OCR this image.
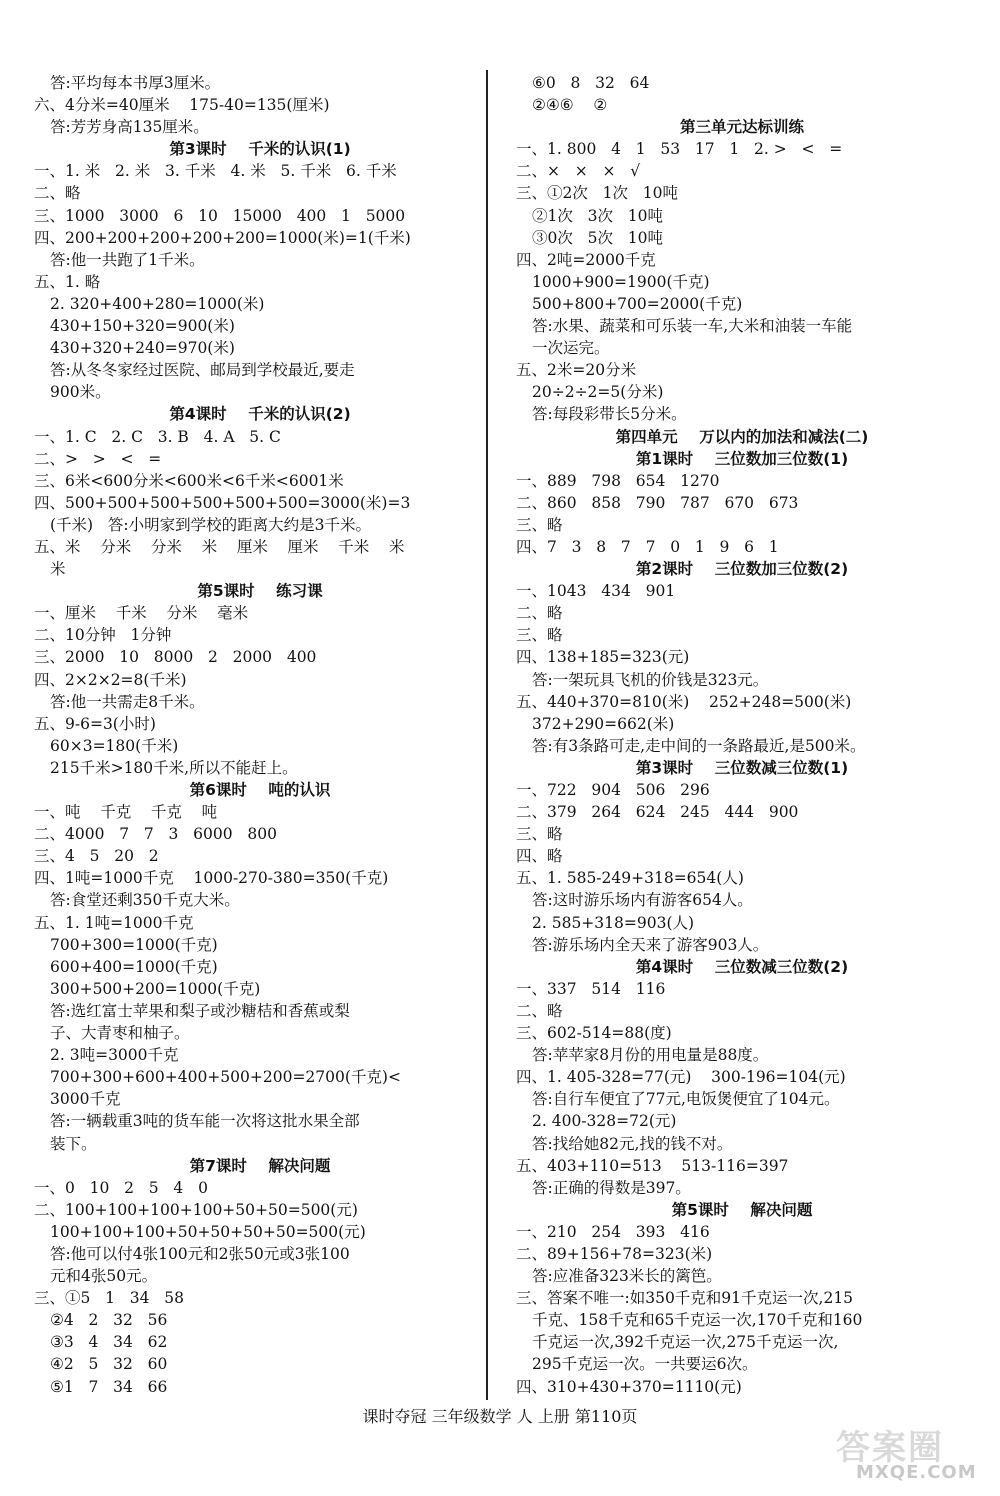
答:平均每本书厚3厘米。
六、4分米=40厘米    175-40=135(厘米)
答:芳芳身高135厘米。
第3课时    千米的认识(1)
一、1. 米   2. 米   3. 千米   4. 米   5. 千米   6. 千米
二、略
三、1000   3000   6   10   15000   400   1   5000
四、200+200+200+200+200=1000(米)=1(千米)
答:他一共跑了1千米。
五、1. 略
2. 320+400+280=1000(米)
430+150+320=900(米)
430+320+240=970(米)
答:从冬冬家经过医院、邮局到学校最近,要走
900米。
第4课时    千米的认识(2)
一、1. C   2. C   3. B   4. A   5. C
二、>   >   <   =
三、6米<600分米<600米<6千米<6001米
四、500+500+500+500+500+500=3000(米)=3
(千米)   答:小明家到学校的距离大约是3千米。
五、米    分米    分米    米    厘米    厘米    千米    米
米
第5课时    练习课
一、厘米    千米    分米    毫米
二、10分钟   1分钟
三、2000   10   8000   2   2000   400
四、2×2×2=8(千米)
答:他一共需走8千米。
五、9-6=3(小时)
60×3=180(千米)
215千米>180千米,所以不能赶上。
第6课时    吨的认识
一、吨    千克    千克    吨
二、4000   7   7   3   6000   800
三、4   5   20   2
四、1吨=1000千克    1000-270-380=350(千克)
答:食堂还剩350千克大米。
五、1. 1吨=1000千克
700+300=1000(千克)
600+400=1000(千克)
300+500+200=1000(千克)
答:选红富士苹果和梨子或沙糖桔和香蕉或梨
子、大青枣和柚子。
2. 3吨=3000千克
700+300+600+400+500+200=2700(千克)<
3000千克
答:一辆载重3吨的货车能一次将这批水果全部
装下。
第7课时    解决问题
一、0   10   2   5   4   0
二、100+100+100+100+50+50=500(元)
100+100+100+50+50+50+50=500(元)
答:他可以付4张100元和2张50元或3张100
元和4张50元。
三、①5   1   34   58
②4   2   32   56
③3   4   34   62
④2   5   32   60
⑤1   7   34   66
⑥0   8   32   64
②④⑥    ②
第三单元达标训练
一、1. 800   4   1   53   17   1   2. >   <   =
二、×   ×   ×   √
三、①2次   1次   10吨
②1次   3次   10吨
③0次   5次   10吨
四、2吨=2000千克
1000+900=1900(千克)
500+800+700=2000(千克)
答:水果、蔬菜和可乐装一车,大米和油装一车能
一次运完。
五、2米=20分米
20÷2÷2=5(分米)
答:每段彩带长5分米。
第四单元    万以内的加法和减法(二)
第1课时    三位数加三位数(1)
一、889   798   654   1270
二、860   858   790   787   670   673
三、略
四、7   3   8   7   7   0   1   9   6   1
第2课时    三位数加三位数(2)
一、1043   434   901
二、略
三、略
四、138+185=323(元)
答:一架玩具飞机的价钱是323元。
五、440+370=810(米)    252+248=500(米)
372+290=662(米)
答:有3条路可走,走中间的一条路最近,是500米。
第3课时    三位数减三位数(1)
一、722   904   506   296
二、379   264   624   245   444   900
三、略
四、略
五、1. 585-249+318=654(人)
答:这时游乐场内有游客654人。
2. 585+318=903(人)
答:游乐场内全天来了游客903人。
第4课时    三位数减三位数(2)
一、337   514   116
二、略
三、602-514=88(度)
答:苹苹家8月份的用电量是88度。
四、1. 405-328=77(元)    300-196=104(元)
答:自行车便宜了77元,电饭煲便宜了104元。
2. 400-328=72(元)
答:找给她82元,找的钱不对。
五、403+110=513    513-116=397
答:正确的得数是397。
第5课时    解决问题
一、210   254   393   416
二、89+156+78=323(米)
答:应准备323米长的篱笆。
三、答案不唯一:如350千克和91千克运一次,215
千克、158千克和65千克运一次,170千克和160
千克运一次,392千克运一次,275千克运一次,
295千克运一次。一共要运6次。
四、310+430+370=1110(元)
课时夺冠 三年级数学 人 上册 第110页
答案圈
MXQE.COM
